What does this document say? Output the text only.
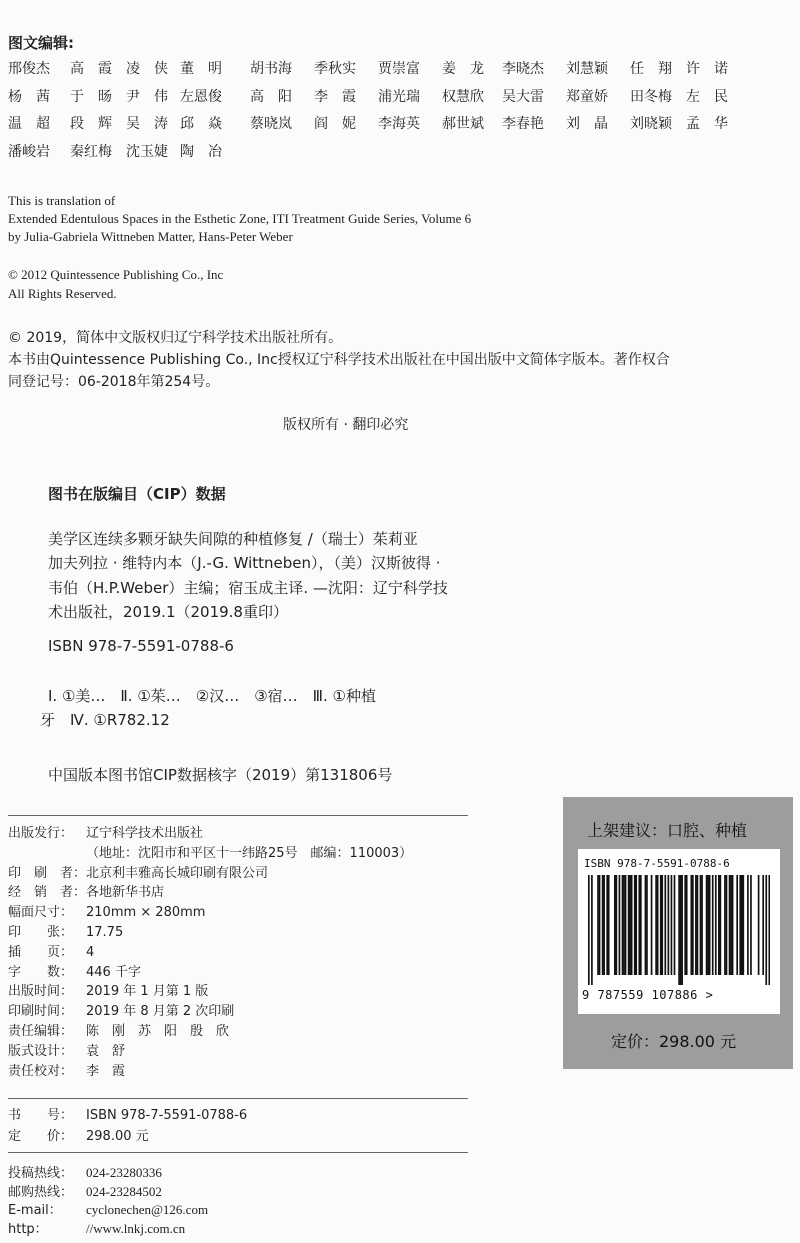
图文编辑:
邢俊杰 高　霞 凌　侠 董　明 胡书海 季秋实 贾崇富 姜　龙 李晓杰 刘慧颖 任　翔 许　诺
杨　茜 于　旸 尹　伟 左恩俊 高　阳 李　霞 浦光瑞 权慧欣 吴大雷 郑童娇 田冬梅 左　民
温　超 段　辉 吴　涛 邱　焱 蔡晓岚 阎　妮 李海英 郝世斌 李春艳 刘　晶 刘晓颖 孟　华
潘峻岩 秦红梅 沈玉婕 陶　冶
This is translation of
Extended Edentulous Spaces in the Esthetic Zone, ITI Treatment Guide Series, Volume 6
by Julia-Gabriela Wittneben Matter, Hans-Peter Weber
© 2012 Quintessence Publishing Co., Inc
All Rights Reserved.
© 2019，简体中文版权归辽宁科学技术出版社所有。
本书由Quintessence Publishing Co., Inc授权辽宁科学技术出版社在中国出版中文简体字版本。著作权合
同登记号：06-2018年第254号。
版权所有 · 翻印必究
图书在版编目（CIP）数据
美学区连续多颗牙缺失间隙的种植修复 /（瑞士）茱莉亚
加夫列拉 · 维特内本（J.-G. Wittneben），（美）汉斯彼得 ·
韦伯（H.P.Weber）主编；宿玉成主译. —沈阳：辽宁科学技
术出版社，2019.1（2019.8重印）
ISBN 978-7-5591-0788-6
Ⅰ. ①美…　Ⅱ. ①茱…　②汉…　③宿…　Ⅲ. ①种植
牙　Ⅳ. ①R782.12
中国版本图书馆CIP数据核字（2019）第131806号
出版发行： 辽宁科学技术出版社
（地址：沈阳市和平区十一纬路25号　邮编：110003）
印　刷　者：北京利丰雅高长城印刷有限公司
经　销　者：各地新华书店
幅面尺寸： 210mm × 280mm
印　　张： 17.75
插　　页： 4
字　　数： 446 千字
出版时间： 2019 年 1 月第 1 版
印刷时间： 2019 年 8 月第 2 次印刷
责任编辑： 陈　刚　苏　阳　殷　欣
版式设计： 袁　舒
责任校对： 李　霞
书　　号： ISBN 978-7-5591-0788-6
定　　价： 298.00 元
投稿热线： 024-23280336
邮购热线： 024-23284502
E-mail： cyclonechen@126.com
http：	//www.lnkj.com.cn
上架建议：口腔、种植
ISBN 978-7-5591-0788-6
9 787559 107886 >
定价：298.00 元
